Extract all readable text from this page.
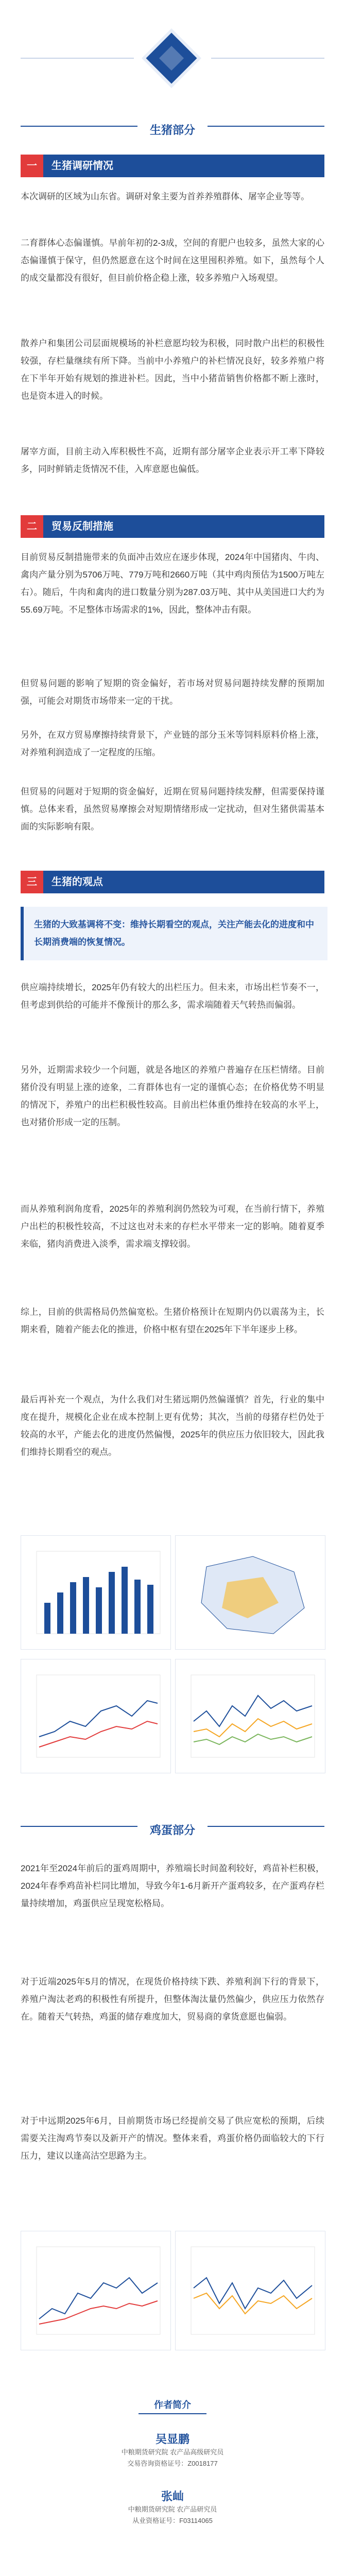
生猪部分
一	生猪调研情况
本次调研的区域为山东省。调研对象主要为首养养殖群体、屠宰企业等等。
二育群体心态偏谨慎。早前年初的2-3成，空间的育肥户也较多，虽然大家的心态偏谨慎于保守，但仍然愿意在这个时间在这里囤积养殖。如下，虽然每个人的成交量都没有很好，但目前价格企稳上涨，较多养殖户入场观望。
散养户和集团公司层面规模场的补栏意愿均较为积极，同时散户出栏的积极性较强，存栏量继续有所下降。当前中小养殖户的补栏情况良好，较多养殖户将在下半年开始有规划的推进补栏。因此，当中小猪苗销售价格都不断上涨时，也是资本进入的时候。
屠宰方面，目前主动入库积极性不高，近期有部分屠宰企业表示开工率下降较多，同时鲜销走货情况不佳，入库意愿也偏低。
二	贸易反制措施
目前贸易反制措施带来的负面冲击效应在逐步体现，2024年中国猪肉、牛肉、禽肉产量分别为5706万吨、779万吨和2660万吨（其中鸡肉预估为1500万吨左右）。随后，牛肉和禽肉的进口数量分别为287.03万吨、其中从美国进口大约为55.69万吨。不足整体市场需求的1%，因此，整体冲击有限。
但贸易问题的影响了短期的资金偏好，若市场对贸易问题持续发酵的预期加强，可能会对期货市场带来一定的干扰。
另外，在双方贸易摩擦持续背景下，产业链的部分玉米等饲料原料价格上涨，对养殖利润造成了一定程度的压缩。
但贸易的问题对于短期的资金偏好，近期在贸易问题持续发酵，但需要保持谨慎。总体来看，虽然贸易摩擦会对短期情绪形成一定扰动，但对生猪供需基本面的实际影响有限。
三	生猪的观点
生猪的大致基调将不变：维持长期看空的观点，关注产能去化的进度和中长期消费端的恢复情况。
供应端持续增长，2025年仍有较大的出栏压力。但未来，市场出栏节奏不一，但考虑到供给的可能并不像预计的那么多，需求端随着天气转热而偏弱。
另外，近期需求较少一个问题，就是各地区的养殖户普遍存在压栏情绪。目前猪价没有明显上涨的迹象，二育群体也有一定的谨慎心态；在价格优势不明显的情况下，养殖户的出栏积极性较高。目前出栏体重仍维持在较高的水平上，也对猪价形成一定的压制。
而从养殖利润角度看，2025年的养殖利润仍然较为可观，在当前行情下，养殖户出栏的积极性较高，不过这也对未来的存栏水平带来一定的影响。随着夏季来临，猪肉消费进入淡季，需求端支撑较弱。
综上，目前的供需格局仍然偏宽松。生猪价格预计在短期内仍以震荡为主，长期来看，随着产能去化的推进，价格中枢有望在2025年下半年逐步上移。
最后再补充一个观点，为什么我们对生猪远期仍然偏谨慎？首先，行业的集中度在提升，规模化企业在成本控制上更有优势；其次，当前的母猪存栏仍处于较高的水平，产能去化的进度仍然偏慢，2025年的供应压力依旧较大，因此我们维持长期看空的观点。
鸡蛋部分
2021年至2024年前后的蛋鸡周期中，养殖端长时间盈利较好，鸡苗补栏积极，2024年春季鸡苗补栏同比增加，导致今年1-6月新开产蛋鸡较多，在产蛋鸡存栏量持续增加，鸡蛋供应呈现宽松格局。
对于近端2025年5月的情况，在现货价格持续下跌、养殖利润下行的背景下，养殖户淘汰老鸡的积极性有所提升，但整体淘汰量仍然偏少，供应压力依然存在。随着天气转热，鸡蛋的储存难度加大，贸易商的拿货意愿也偏弱。
对于中远期2025年6月，目前期货市场已经提前交易了供应宽松的预期，后续需要关注淘鸡节奏以及新开产的情况。整体来看，鸡蛋价格仍面临较大的下行压力，建议以逢高沽空思路为主。
作者简介
吴显鹏
中粮期货研究院 农产品高级研究员
交易咨询资格证号：Z0018177
张屾
中粮期货研究院 农产品研究员
从业资格证号：F03114065
